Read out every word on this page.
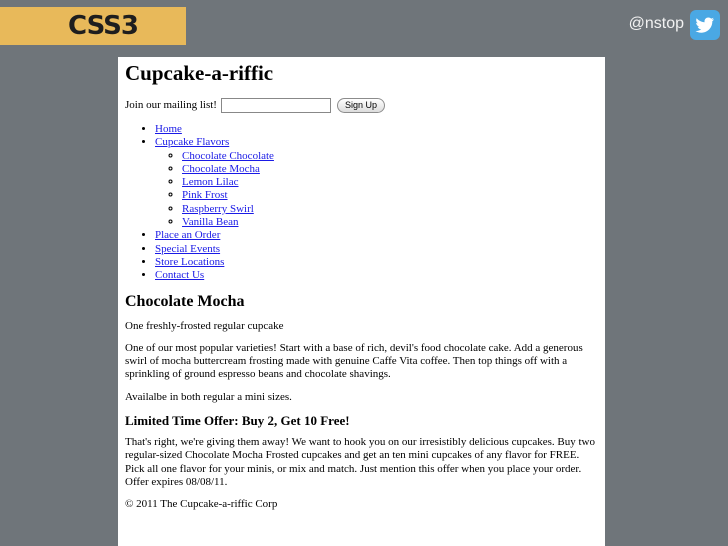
CSS3	@nstop
Cupcake-a-riffic
Join our mailing list!	Sign Up
• Home
• Cupcake Flavors
◦ Chocolate Chocolate
◦ Chocolate Mocha
◦ Lemon Lilac
◦ Pink Frost
◦ Raspberry Swirl
◦ Vanilla Bean
• Place an Order
• Special Events
• Store Locations
• Contact Us
Chocolate Mocha

One freshly-frosted regular cupcake

One of our most popular varieties! Start with a base of rich, devil's food chocolate cake. Add a generous swirl of mocha buttercream frosting made with genuine Caffe Vita coffee. Then top things off with a sprinkling of ground espresso beans and chocolate shavings.

Availalbe in both regular a mini sizes.

Limited Time Offer: Buy 2, Get 10 Free!

That's right, we're giving them away! We want to hook you on our irresistibly delicious cupcakes. Buy two regular-sized Chocolate Mocha Frosted cupcakes and get an ten mini cupcakes of any flavor for FREE. Pick all one flavor for your minis, or mix and match. Just mention this offer when you place your order. Offer expires 08/08/11.

© 2011 The Cupcake-a-riffic Corp
